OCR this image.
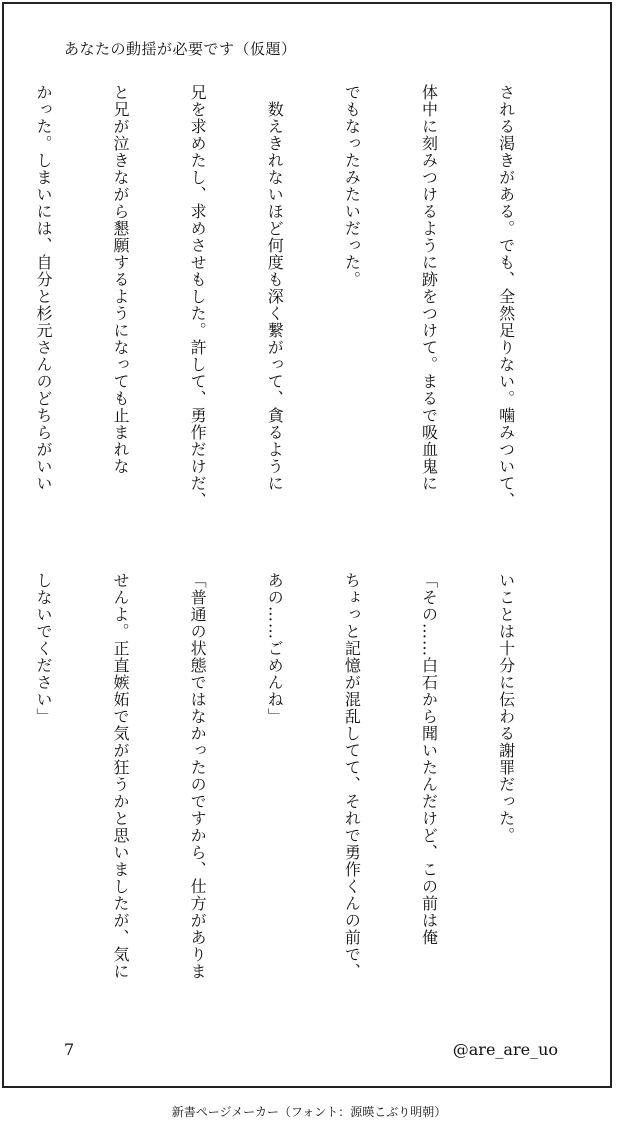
あなたの動揺が必要です（仮題）

される渇きがある。でも、全然足りない。噛みついて、

体中に刻みつけるように跡をつけて。まるで吸血鬼に

でもなったみたいだった。

　数えきれないほど何度も深く繋がって、貪るように

兄を求めたし、求めさせもした。許して、勇作だけだ、

と兄が泣きながら懇願するようになっても止まれな

かった。しまいには、自分と杉元さんのどちらがいい

いことは十分に伝わる謝罪だった。

「その……白石から聞いたんだけど、この前は俺

ちょっと記憶が混乱してて、それで勇作くんの前で、

あの……ごめんね」

「普通の状態ではなかったのですから、仕方がありま

せんよ。正直嫉妬で気が狂うかと思いましたが、気に

しないでください」

7	@are_are_uo
新書ページメーカー（フォント：源暎こぶり明朝）
